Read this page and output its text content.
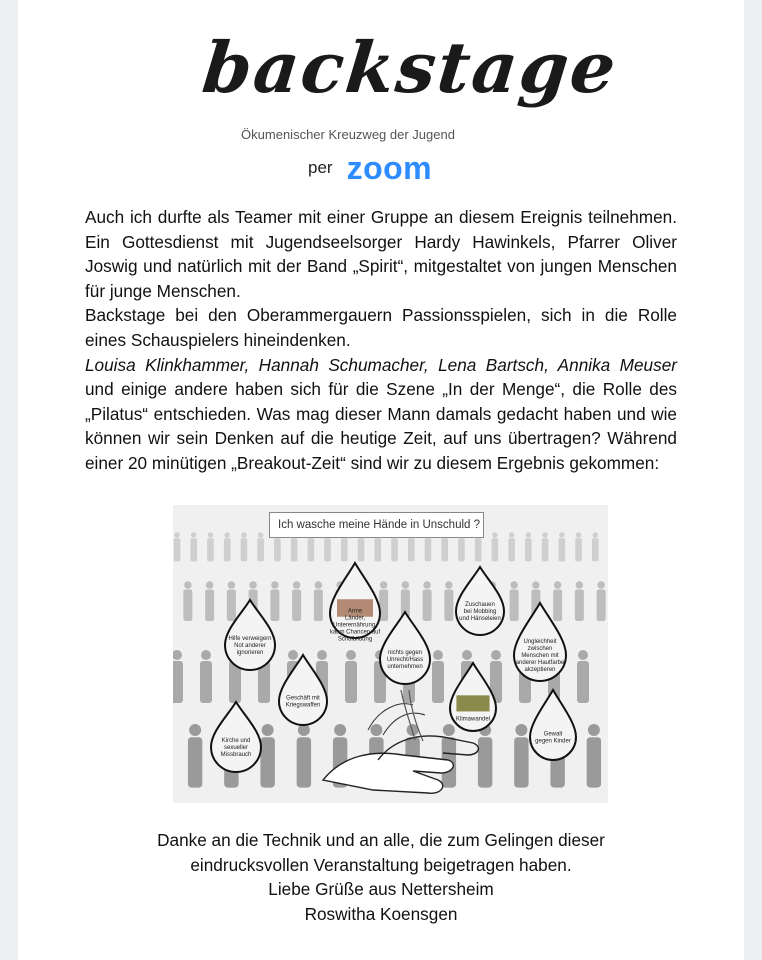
backstage
Ökumenischer Kreuzweg der Jugend
per zoom

Auch ich durfte als Teamer mit einer Gruppe an diesem Ereignis teilnehmen. Ein Gottesdienst mit Jugendseelsorger Hardy Hawinkels, Pfarrer Oliver Joswig und natürlich mit der Band „Spirit“, mitgestaltet von jungen Menschen für junge Menschen.

Backstage bei den Oberammergauern Passionsspielen, sich in die Rolle eines Schauspielers hineindenken.

Louisa Klinkhammer, Hannah Schumacher, Lena Bartsch, Annika Meuser und einige andere haben sich für die Szene „In der Menge“, die Rolle des „Pilatus“ entschieden. Was mag dieser Mann damals gedacht haben und wie können wir sein Denken auf die heutige Zeit, auf uns übertragen? Während einer 20 minütigen „Breakout-Zeit“ sind wir zu diesem Ergebnis gekommen:

Arme
Länder,
Unterernährung,
kaum Chancen auf
Schulbildung
Zuschauen
bei Mobbing
und Hänseleien
Hilfe verweigern
Not anderer
ignorieren	nichts gegen
Unrecht/Hass
unternehmen
Ungleichheit
zwischen
Menschen mit
anderer Hautfarbe
akzeptieren
Geschäft mit
Kriegswaffen
Klimawandel
Kirche und
sexueller
Missbrauch
Gewalt
gegen Kinder
Ich wasche meine Hände in Unschuld ?

Danke an die Technik und an alle, die zum Gelingen dieser

eindrucksvollen Veranstaltung beigetragen haben.

Liebe Grüße aus Nettersheim

Roswitha Koensgen
